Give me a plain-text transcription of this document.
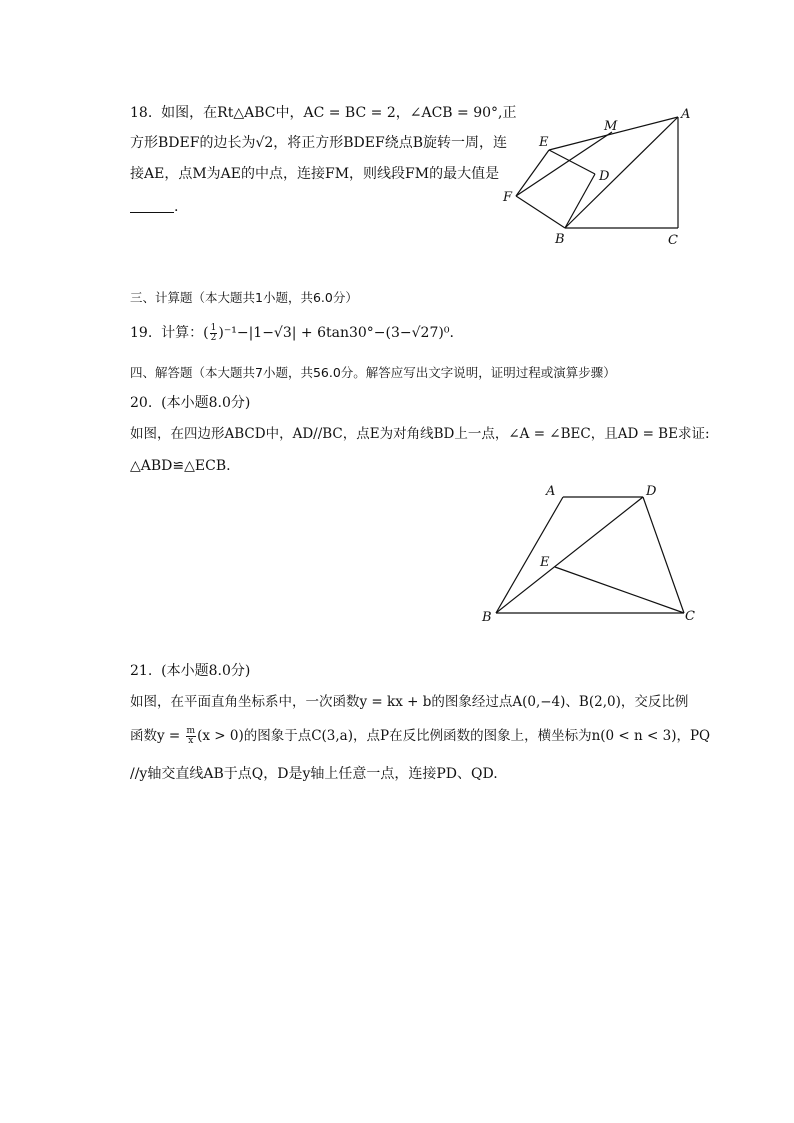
18. 如图，在Rt△ABC中，AC = BC = 2，∠ACB = 90°,正
方形BDEF的边长为√2，将正方形BDEF绕点B旋转一周，连
接AE，点M为AE的中点，连接FM，则线段FM的最大值是
.
A
M
E
D
F
B	C
三、计算题（本大题共1小题，共6.0分）
19. 计算：( $\frac{1}{2} )^{-1}-|1-√3| + 6\tan 30^\circ-(3-√27)^0$.
四、解答题（本大题共7小题，共56.0分。解答应写出文字说明，证明过程或演算步骤）
20. (本小题8.0分)
如图，在四边形ABCD中，AD//BC，点E为对角线BD上一点，∠A = ∠BEC，且AD = BE求证:
△ABD≌△ECB.
A	D
E
B	C
21. (本小题8.0分)
如图，在平面直角坐标系中，一次函数y = kx + b的图象经过点A(0,−4)、B(2,0)，交反比例
函数$y = \frac{m}{x} (x > 0)$的图象于点C(3,a)，点P在反比例函数的图象上，横坐标为n(0 < n < 3)，PQ
//y轴交直线AB于点Q，D是y轴上任意一点，连接PD、QD.
